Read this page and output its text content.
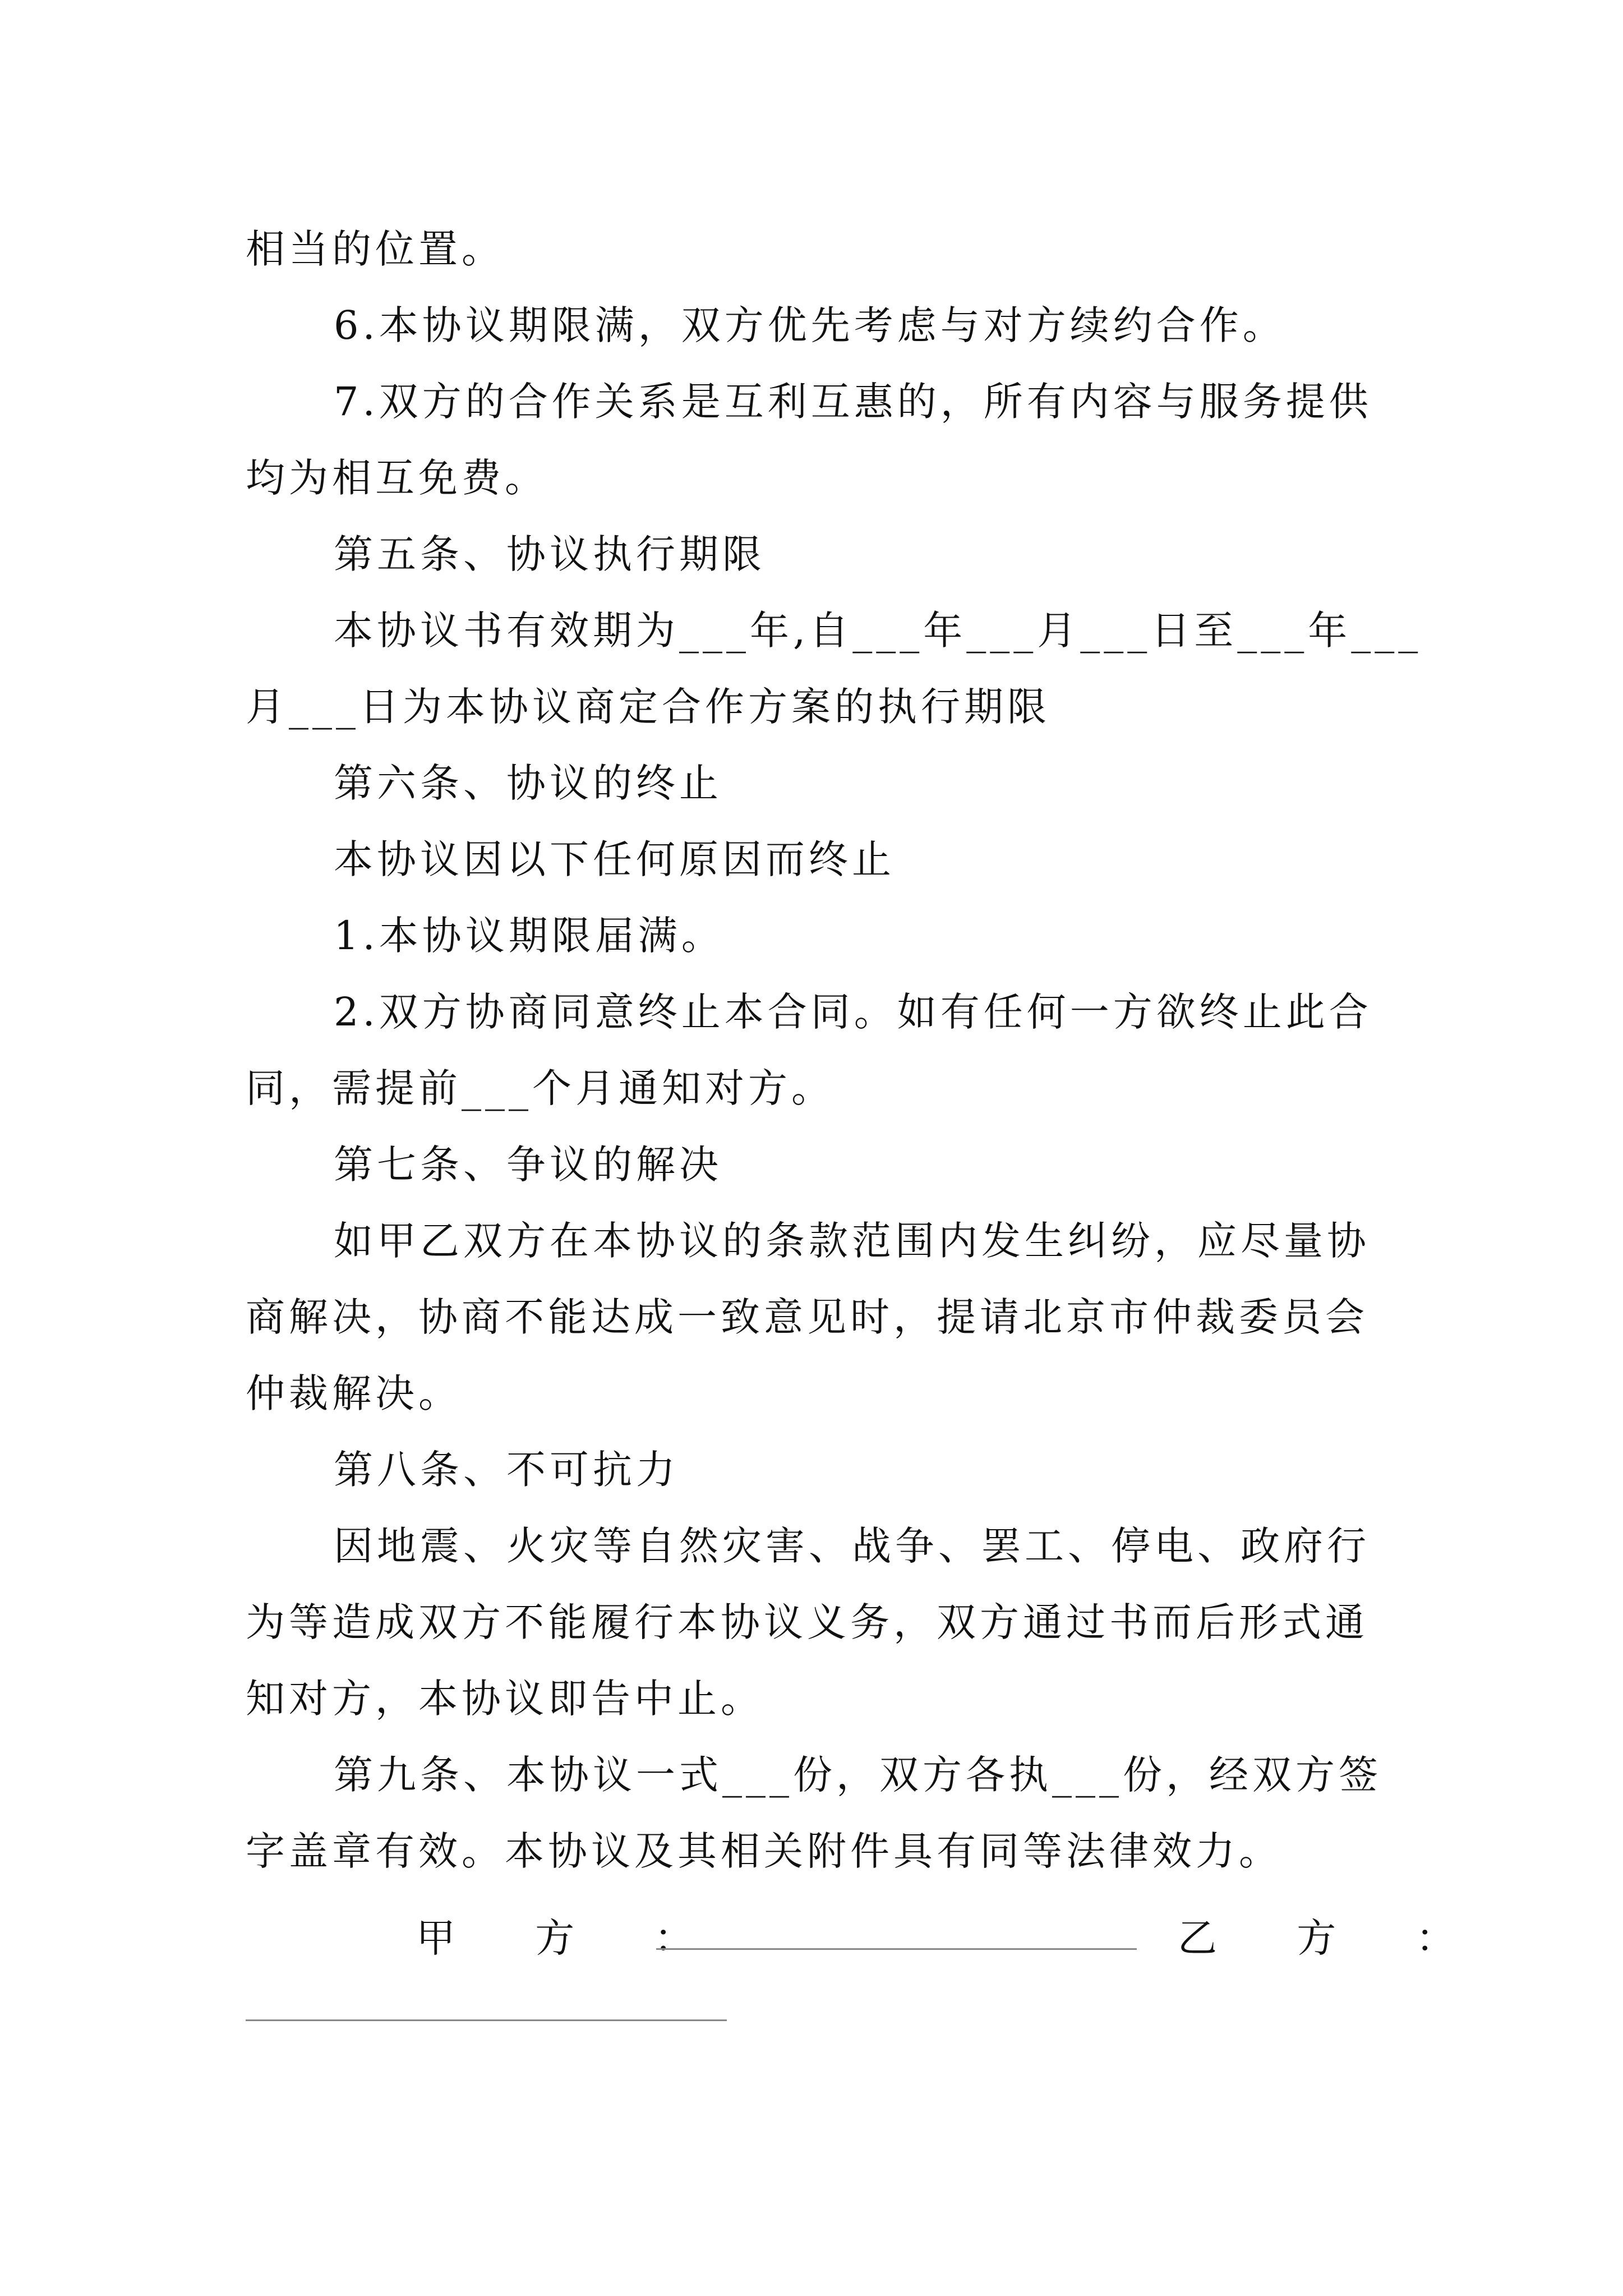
相当的位置。
6.本协议期限满，双方优先考虑与对方续约合作。
7.双方的合作关系是互利互惠的，所有内容与服务提供
均为相互免费。
第五条、协议执行期限
本协议书有效期为___年,自___年___月___日至___年___
月___日为本协议商定合作方案的执行期限
第六条、协议的终止
本协议因以下任何原因而终止
1.本协议期限届满。
2.双方协商同意终止本合同。如有任何一方欲终止此合
同，需提前___个月通知对方。
第七条、争议的解决
如甲乙双方在本协议的条款范围内发生纠纷，应尽量协
商解决，协商不能达成一致意见时，提请北京市仲裁委员会
仲裁解决。
第八条、不可抗力
因地震、火灾等自然灾害、战争、罢工、停电、政府行
为等造成双方不能履行本协议义务，双方通过书而后形式通
知对方，本协议即告中止。
第九条、本协议一式___份，双方各执___份，经双方签
字盖章有效。本协议及其相关附件具有同等法律效力。
甲 方 ：	乙 方 ：
